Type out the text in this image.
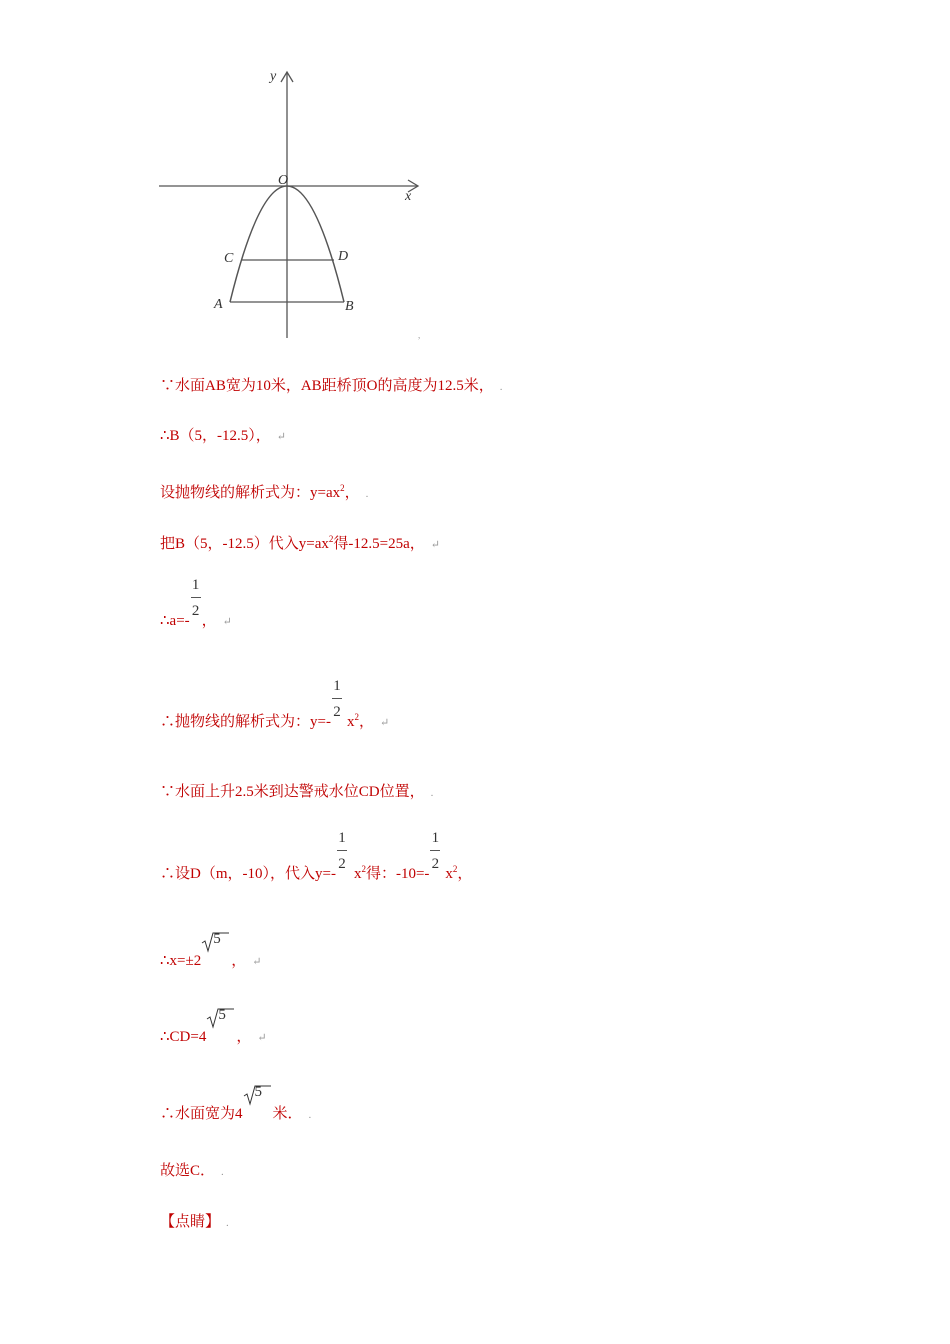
y
x
O
C	D
A	B
,
∵水面AB宽为10米，AB距桥顶O的高度为12.5米， .
∴B（5，-12.5）， ↵
设抛物线的解析式为：$y=ax^2$， .
把B（5，-12.5）代入$y=ax^2$得-12.5=25a， ↵
∴a=- $\frac{1}{2}$ ， ↵
∴抛物线的解析式为：$y=- \frac{1}{2} x^2$， ↵
∵水面上升2.5米到达警戒水位CD位置， .
∴设D（m，-10），代入$y=- \frac{1}{2} x^2$得：$-10=- \frac{1}{2} x^2$，
∴x=±2
5
， ↵
∴CD=4
5
， ↵
∴水面宽为4
5
米． .
故选C． .
【点睛】 .
